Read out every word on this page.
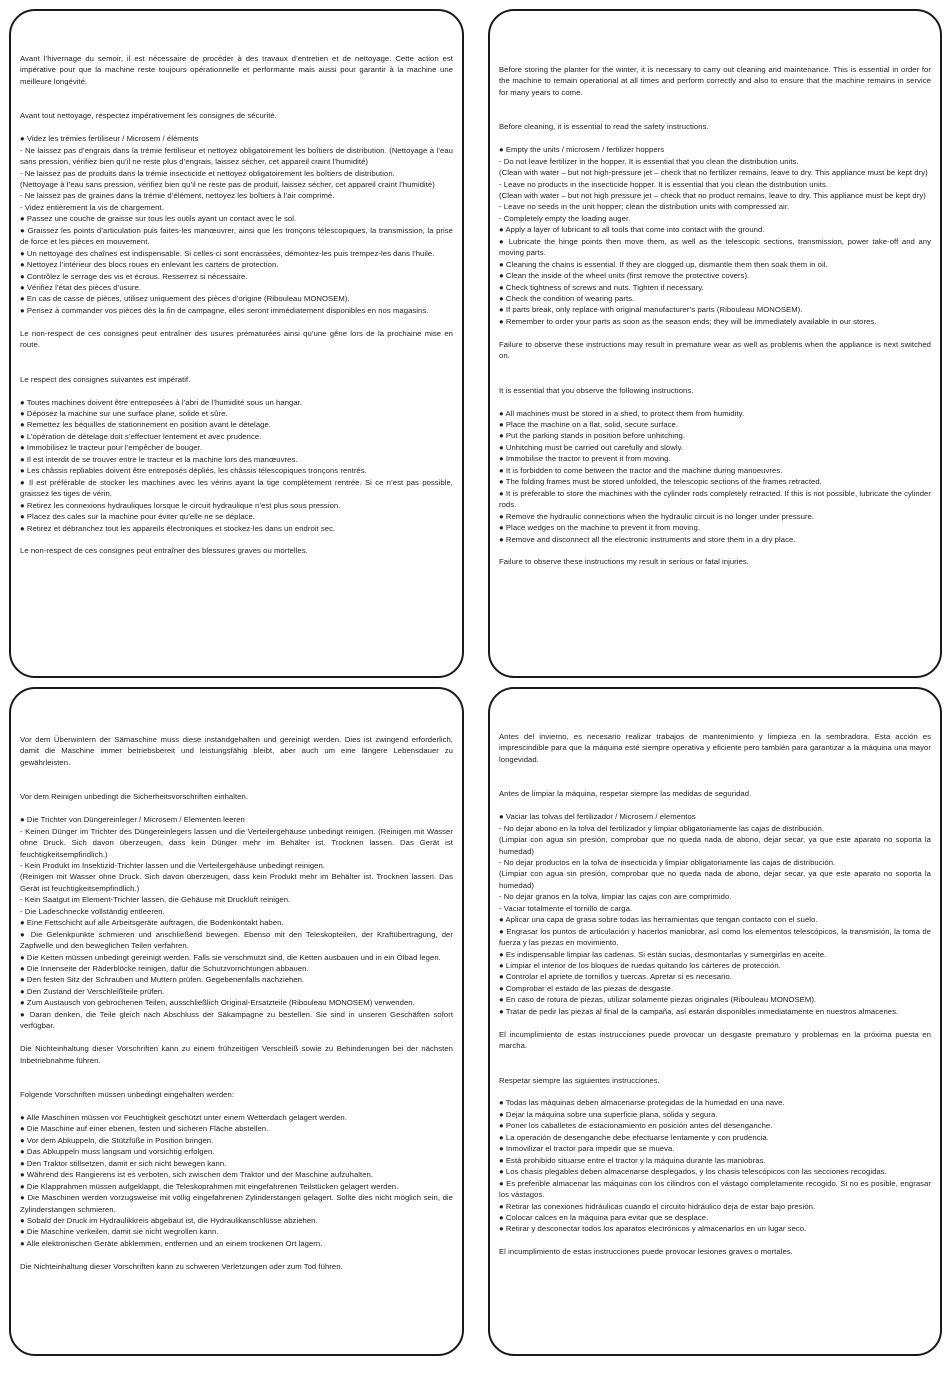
Avant l’hivernage du semoir, il est nécessaire de procéder à des travaux d’entretien et de nettoyage. Cette action est impérative pour que la machine reste toujours opérationnelle et performante mais aussi pour garantir à la machine une meilleure longévité.

Avant tout nettoyage, respectez impérativement les consignes de sécurité.

● Videz les trémies fertiliseur / Microsem / éléments

- Ne laissez pas d’engrais dans la trémie fertiliseur et nettoyez obligatoirement les boîtiers de distribution. (Nettoyage à l’eau sans pression, vérifiez bien qu’il ne reste plus d’engrais, laissez sécher, cet appareil craint l’humidité)

- Ne laissez pas de produits dans la trémie insecticide et nettoyez obligatoirement les boîtiers de distribution.

(Nettoyage à l’eau sans pression, vérifiez bien qu’il ne reste pas de produit, laissez sécher, cet appareil craint l’humidité)

- Ne laissez pas de graines dans la trémie d’élément, nettoyez les boîtiers à l’air comprimé.

- Videz entièrement la vis de chargement.

● Passez une couche de graisse sur tous les outils ayant un contact avec le sol.

● Graissez les points d’articulation puis faites-les manœuvrer, ainsi que les tronçons télescopiques, la transmission, la prise de force et les pièces en mouvement.

● Un nettoyage des chaînes est indispensable. Si celles-ci sont encrassées, démontez-les puis trempez-les dans l’huile.

● Nettoyez l’intérieur des blocs roues en enlevant les carters de protection.

● Contrôlez le serrage des vis et écrous. Resserrez si nécessaire.

● Vérifiez l’état des pièces d’usure.

● En cas de casse de pièces, utilisez uniquement des pièces d’origine (Ribouleau MONOSEM).

● Pensez à commander vos pièces dès la fin de campagne, elles seront immédiatement disponibles en nos magasins.

Le non-respect de ces consignes peut entraîner des usures prématurées ainsi qu’une gêne lors de la prochaine mise en route.

Le respect des consignes suivantes est impératif.

● Toutes machines doivent être entreposées à l’abri de l’humidité sous un hangar.

● Déposez la machine sur une surface plane, solide et sûre.

● Remettez les béquilles de stationnement en position avant le dételage.

● L’opération de dételage doit s’effectuer lentement et avec prudence.

● Immobilisez le tracteur pour l’empêcher de bouger.

● Il est interdit de se trouver entre le tracteur et la machine lors des manœuvres.

● Les châssis repliables doivent être entreposés dépliés, les châssis télescopiques tronçons rentrés.

● Il est préférable de stocker les machines avec les vérins ayant la tige complètement rentrée. Si ce n’est pas possible, graissez les tiges de vérin.

● Retirez les connexions hydrauliques lorsque le circuit hydraulique n’est plus sous pression.

● Placez des cales sur la machine pour éviter qu’elle ne se déplace.

● Retirez et débranchez tout les appareils électroniques et stockez-les dans un endroit sec.

Le non-respect de ces consignes peut entraîner des blessures graves ou mortelles.

Before storing the planter for the winter, it is necessary to carry out cleaning and maintenance. This is essential in order for the machine to remain operational at all times and perform correctly and also to ensure that the machine remains in service for many years to come.

Before cleaning, it is essential to read the safety instructions.

● Empty the units / microsem / fertilizer hoppers

- Do not leave fertilizer in the hopper. It is essential that you clean the distribution units.

(Clean with water – but not high-pressure jet – check that no fertilizer remains, leave to dry. This appliance must be kept dry)

- Leave no products in the insecticide hopper. It is essential that you clean the distribution units.

(Clean with water – but not high pressure jet – check that no product remains, leave to dry. This appliance must be kept dry)

- Leave no seeds in the unit hopper; clean the distribution units with compressed air.

- Completely empty the loading auger.

● Apply a layer of lubricant to all tools that come into contact with the ground.

● Lubricate the hinge points then move them, as well as the telescopic sections, transmission, power take-off and any moving parts.

● Cleaning the chains is essential. If they are clogged up, dismantle them then soak them in oil.

● Clean the inside of the wheel units (first remove the protective covers).

● Check tightness of screws and nuts. Tighten if necessary.

● Check the condition of wearing parts.

● If parts break, only replace with original manufacturer’s parts (Ribouleau MONOSEM).

● Remember to order your parts as soon as the season ends; they will be immediately available in our stores.

Failure to observe these instructions may result in premature wear as well as problems when the appliance is next switched on.

It is essential that you observe the following instructions.

● All machines must be stored in a shed, to protect them from humidity.

● Place the machine on a flat, solid, secure surface.

● Put the parking stands in position before unhitching.

● Unhitching must be carried out carefully and slowly.

● Immobilise the tractor to prevent it from moving.

● It is forbidden to come between the tractor and the machine during manoeuvres.

● The folding frames must be stored unfolded, the telescopic sections of the frames retracted.

● It is preferable to store the machines with the cylinder rods completely retracted. If this is not possible, lubricate the cylinder rods.

● Remove the hydraulic connections when the hydraulic circuit is no longer under pressure.

● Place wedges on the machine to prevent it from moving.

● Remove and disconnect all the electronic instruments and store them in a dry place.

Failure to observe these instructions my result in serious or fatal injuries.

Vor dem Überwintern der Sämaschine muss diese instandgehalten und gereinigt werden. Dies ist zwingend erforderlich, damit die Maschine immer betriebsbereit und leistungsfähig bleibt, aber auch um eine längere Lebensdauer zu gewährleisten.

Vor dem Reinigen unbedingt die Sicherheitsvorschriften einhalten.

● Die Trichter von Düngereinleger / Microsem / Elementen leeren

- Keinen Dünger im Trichter des Düngereinlegers lassen und die Verteilergehäuse unbedingt reinigen. (Reinigen mit Wasser ohne Druck. Sich davon überzeugen, dass kein Dünger mehr im Behälter ist. Trocknen lassen. Das Gerät ist feuchtigkeitsempfindlich.)

- Kein Produkt im Insektizid-Trichter lassen und die Verteilergehäuse unbedingt reinigen.

(Reinigen mit Wasser ohne Druck. Sich davon überzeugen, dass kein Produkt mehr im Behälter ist. Trocknen lassen. Das Gerät ist feuchtigkeitsempfindlich.)

- Kein Saatgut im Element-Trichter lassen, die Gehäuse mit Druckluft reinigen.

- Die Ladeschnecke vollständig entleeren.

● Eine Fettschicht auf alle Arbeitsgeräte auftragen, die Bodenkontakt haben.

● Die Gelenkpunkte schmieren und anschließend bewegen. Ebenso mit den Teleskopteilen, der Kraftübertragung, der Zapfwelle und den beweglichen Teilen verfahren.

● Die Ketten müssen unbedingt gereinigt werden. Falls sie verschmutzt sind, die Ketten ausbauen und in ein Ölbad legen.

● Die Innenseite der Räderblöcke reinigen, dafür die Schutzvorrichtungen abbauen.

● Den festen Sitz der Schrauben und Muttern prüfen. Gegebenenfalls nachziehen.

● Den Zustand der Verschleißteile prüfen.

● Zum Austausch von gebrochenen Teilen, ausschließlich Original-Ersatzteile (Ribouleau MONOSEM) verwenden.

● Daran denken, die Teile gleich nach Abschluss der Säkampagne zu bestellen. Sie sind in unseren Geschäften sofort verfügbar.

Die Nichteinhaltung dieser Vorschriften kann zu einem frühzeitigen Verschleiß sowie zu Behinderungen bei der nächsten Inbetriebnahme führen.

Folgende Vorschriften müssen unbedingt eingehalten werden:

● Alle Maschinen müssen vor Feuchtigkeit geschützt unter einem Wetterdach gelagert werden.

● Die Maschine auf einer ebenen, festen und sicheren Fläche abstellen.

● Vor dem Abkuppeln, die Stützfüße in Position bringen.

● Das Abkuppeln muss langsam und vorsichtig erfolgen.

● Den Traktor stillsetzen, damit er sich nicht bewegen kann.

● Während des Rangierens ist es verboten, sich zwischen dem Traktor und der Maschine aufzuhalten.

● Die Klapprahmen müssen aufgeklappt, die Teleskoprahmen mit eingefahrenen Teilstücken gelagert werden.

● Die Maschinen werden vorzugsweise mit völlig eingefahrenen Zylinderstangen gelagert. Sollte dies nicht möglich sein, die Zylinderstangen schmieren.

● Sobald der Druck im Hydraulikkreis abgebaut ist, die Hydraulikanschlüsse abziehen.

● Die Maschine verkeilen, damit sie nicht wegrollen kann.

● Alle elektronischen Geräte abklemmen, entfernen und an einem trockenen Ort lagern.

Die Nichteinhaltung dieser Vorschriften kann zu schweren Verletzungen oder zum Tod führen.

Antes del invierno, es necesario realizar trabajos de mantenimiento y limpieza en la sembradora. Esta acción es imprescindible para que la máquina esté siempre operativa y eficiente pero también para garantizar a la máquina una mayor longevidad.

Antes de limpiar la máquina, respetar siempre las medidas de seguridad.

● Vaciar las tolvas del fertilizador / Microsem / elementos

- No dejar abono en la tolva del fertilizador y limpiar obligatoriamente las cajas de distribución.

(Limpiar con agua sin presión, comprobar que no queda nada de abono, dejar secar, ya que este aparato no soporta la humedad)

- No dejar productos en la tolva de insecticida y limpiar obligatoriamente las cajas de distribución.

(Limpiar con agua sin presión, comprobar que no queda nada de abono, dejar secar, ya que este aparato no soporta la humedad)

- No dejar granos en la tolva, limpiar las cajas con aire comprimido.

- Vaciar totalmente el tornillo de carga.

● Aplicar una capa de grasa sobre todas las herramientas que tengan contacto con el suelo.

● Engrasar los puntos de articulación y hacerlos maniobrar, así como los elementos telescópicos, la transmisión, la toma de fuerza y las piezas en movimiento.

● Es indispensable limpiar las cadenas. Si están sucias, desmontarlas y sumergirlas en aceite.

● Limpiar el interior de los bloques de ruedas quitando los cárteres de protección.

● Controlar el apriete de tornillos y tuercas. Apretar si es necesario.

● Comprobar el estado de las piezas de desgaste.

● En caso de rotura de piezas, utilizar solamente piezas originales (Ribouleau MONOSEM).

● Tratar de pedir las piezas al final de la campaña, así estarán disponibles inmediatamente en nuestros almacenes.

El incumplimiento de estas instrucciones puede provocar un desgaste prematuro y problemas en la próxima puesta en marcha.

Respetar siempre las siguientes instrucciones.

● Todas las máquinas deben almacenarse protegidas de la humedad en una nave.

● Dejar la máquina sobre una superficie plana, sólida y segura.

● Poner los caballetes de estacionamiento en posición antes del desenganche.

● La operación de desenganche debe efectuarse lentamente y con prudencia.

● Inmovilizar el tractor para impedir que se mueva.

● Está prohibido situarse entre el tractor y la máquina durante las maniobras.

● Los chasis plegables deben almacenarse desplegados, y los chasis telescópicos con las secciones recogidas.

● Es preferible almacenar las máquinas con los cilindros con el vástago completamente recogido. Si no es posible, engrasar los vástagos.

● Retirar las conexiones hidráulicas cuando el circuito hidráulico deja de estar bajo presión.

● Colocar calces en la máquina para evitar que se desplace.

● Retirar y desconectar todos los aparatos electrónicos y almacenarlos en un lugar seco.

El incumplimiento de estas instrucciones puede provocar lesiones graves o mortales.
